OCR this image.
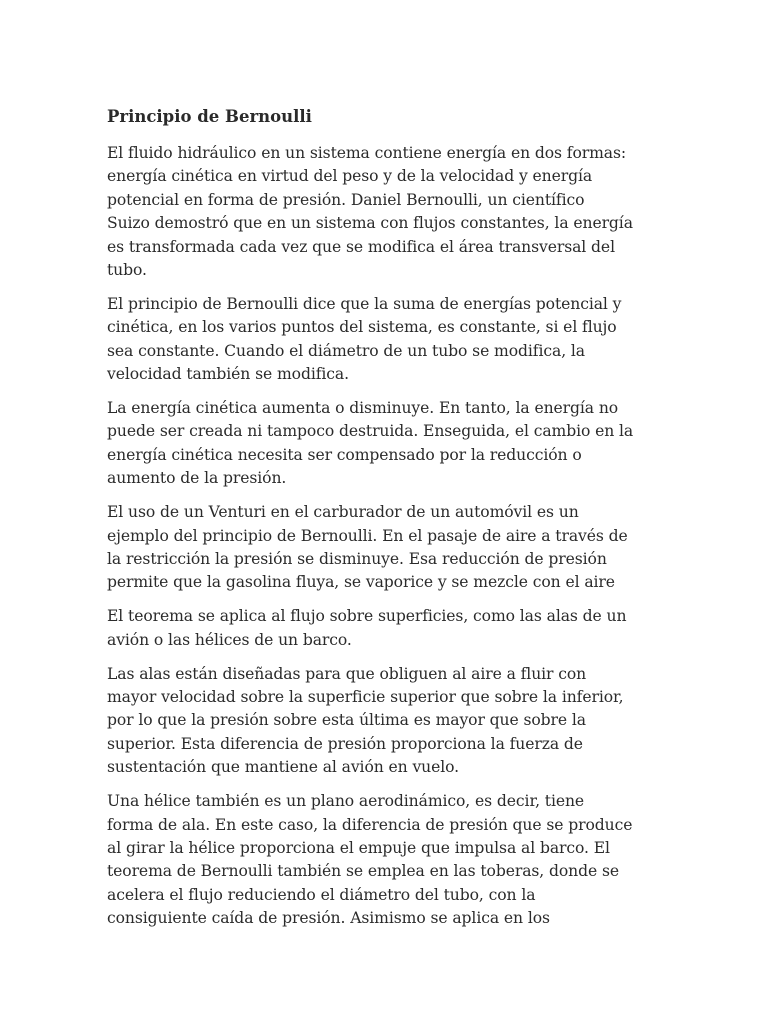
Principio de Bernoulli

El fluido hidráulico en un sistema contiene energía en dos formas:
energía cinética en virtud del peso y de la velocidad y energía
potencial en forma de presión. Daniel Bernoulli, un científico
Suizo demostró que en un sistema con flujos constantes, la energía
es transformada cada vez que se modifica el área transversal del
tubo.

El principio de Bernoulli dice que la suma de energías potencial y
cinética, en los varios puntos del sistema, es constante, si el flujo
sea constante. Cuando el diámetro de un tubo se modifica, la
velocidad también se modifica.

La energía cinética aumenta o disminuye. En tanto, la energía no
puede ser creada ni tampoco destruida. Enseguida, el cambio en la
energía cinética necesita ser compensado por la reducción o
aumento de la presión.

El uso de un Venturi en el carburador de un automóvil es un
ejemplo del principio de Bernoulli. En el pasaje de aire a través de
la restricción la presión se disminuye. Esa reducción de presión
permite que la gasolina fluya, se vaporice y se mezcle con el aire

El teorema se aplica al flujo sobre superficies, como las alas de un
avión o las hélices de un barco.

Las alas están diseñadas para que obliguen al aire a fluir con
mayor velocidad sobre la superficie superior que sobre la inferior,
por lo que la presión sobre esta última es mayor que sobre la
superior. Esta diferencia de presión proporciona la fuerza de
sustentación que mantiene al avión en vuelo.

Una hélice también es un plano aerodinámico, es decir, tiene
forma de ala. En este caso, la diferencia de presión que se produce
al girar la hélice proporciona el empuje que impulsa al barco. El
teorema de Bernoulli también se emplea en las toberas, donde se
acelera el flujo reduciendo el diámetro del tubo, con la
consiguiente caída de presión. Asimismo se aplica en los
